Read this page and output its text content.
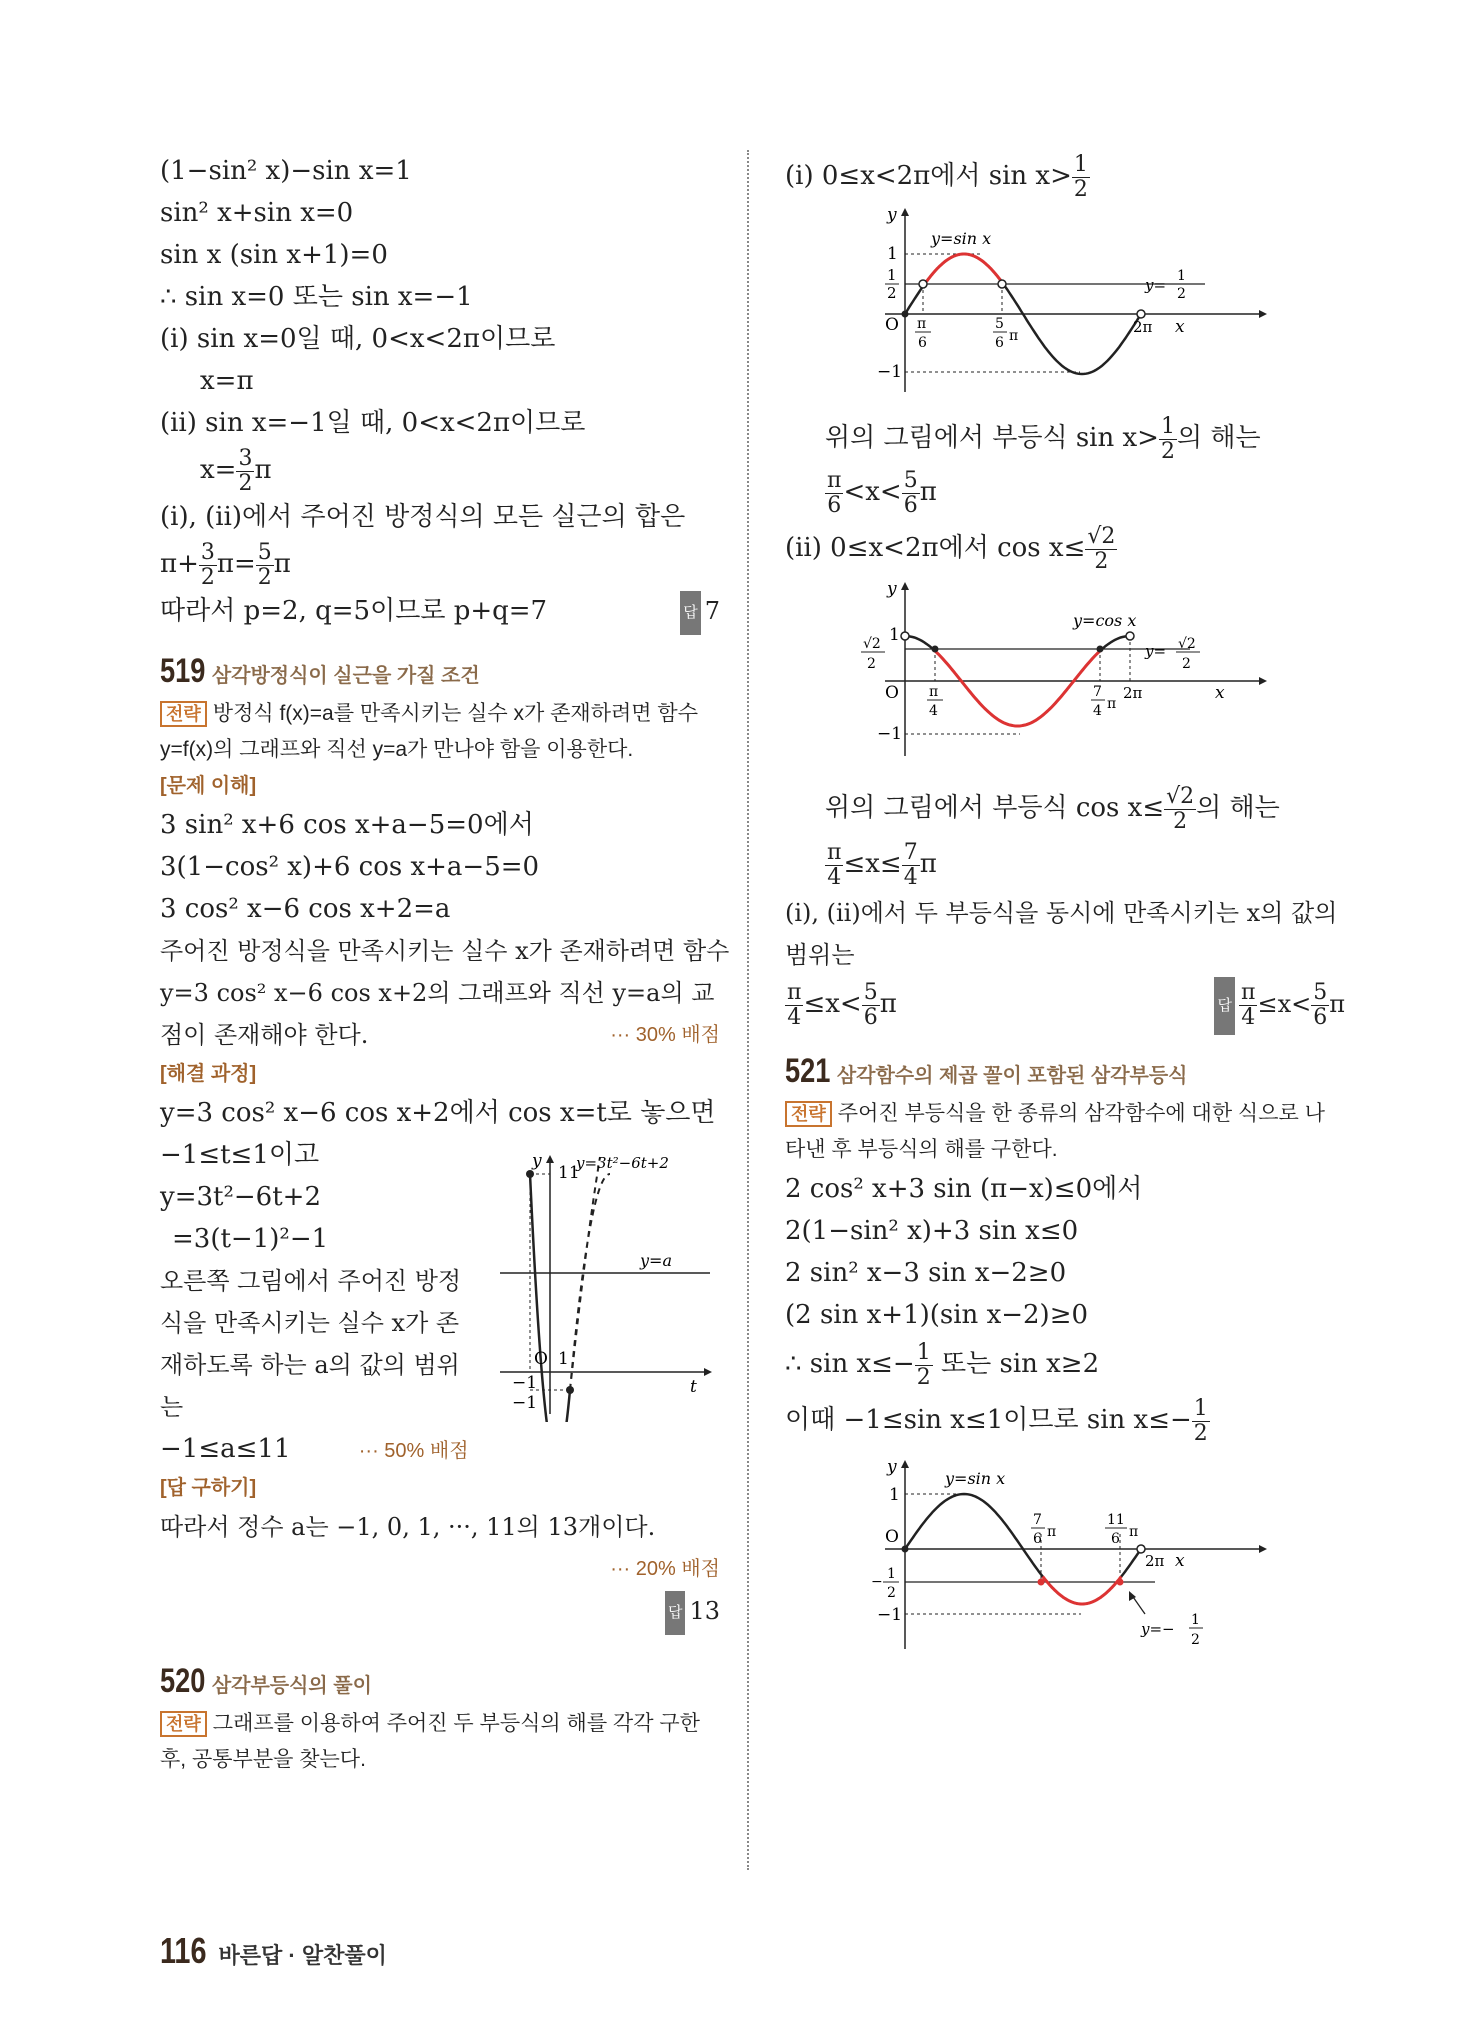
(1−sin² x)−sin x=1
sin² x+sin x=0
sin x (sin x+1)=0
∴ sin x=0 또는 sin x=−1
(ⅰ) sin x=0일 때, 0<x<2π이므로
x=π
(ⅱ) sin x=−1일 때, 0<x<2π이므로
$x= \frac{3}{2}$ π
(ⅰ), (ⅱ)에서 주어진 방정식의 모든 실근의 합은
$\pi+ \frac{3}{2} \pi= \frac{5}{2}$ π
따라서 p=2, q=5이므로 p+q=7	답 7
519 삼각방정식이 실근을 가질 조건
전략 방정식 f(x)=a를 만족시키는 실수 x가 존재하려면 함수 y=f(x)의 그래프와 직선 y=a가 만나야 함을 이용한다.
[문제 이해]
3 sin² x+6 cos x+a−5=0에서
3(1−cos² x)+6 cos x+a−5=0
3 cos² x−6 cos x+2=a
주어진 방정식을 만족시키는 실수 x가 존재하려면 함수
y=3 cos² x−6 cos x+2의 그래프와 직선 y=a의 교
점이 존재해야 한다.	··· 30% 배점
[해결 과정]
y=3 cos² x−6 cos x+2에서 cos x=t로 놓으면
−1≤t≤1이고
y=3t²−6t+2
=3(t−1)²−1
오른쪽 그림에서 주어진 방정
식을 만족시키는 실수 x가 존
재하도록 하는 a의 값의 범위
는
−1≤a≤11	··· 50% 배점
y
11
y=3t²−6t+2
y=a
O 1
−1
−1
t
[답 구하기]
따라서 정수 a는 −1, 0, 1, ···, 11의 13개이다.
··· 20% 배점
답 13
520 삼각부등식의 풀이
전략 그래프를 이용하여 주어진 두 부등식의 해를 각각 구한 후, 공통부분을 찾는다.
(ⅰ) 0≤x<2π에서 $\sin x> \frac{1}{2}$
y
y=sin x
1
1
2
O π
6
5
6 π	2π x
−1
y= 1
2
위의 그림에서 부등식 $\sin x> \frac{1}{2}$ 의 해는
$\frac{\pi}{6} <x< \frac{5}{6}$ π
(ⅱ) 0≤x<2π에서 $\cos x\le \frac{√2}{2}$
y
y=cos x
1
√2
2
O π
4
7
4 π
2π	x
−1
y= √2
2
위의 그림에서 부등식 $\cos x\le \frac{√2}{2}$ 의 해는
$\frac{\pi}{4} \le x\le \frac{7}{4}$ π
(ⅰ), (ⅱ)에서 두 부등식을 동시에 만족시키는 x의 값의
범위는
$\frac{\pi}{4} \le x< \frac{5}{6}$ π	답 $\frac{\pi}{4} \le x< \frac{5}{6}$ π
521 삼각함수의 제곱 꼴이 포함된 삼각부등식
전략 주어진 부등식을 한 종류의 삼각함수에 대한 식으로 나타낸 후 부등식의 해를 구한다.
2 cos² x+3 sin (π−x)≤0에서
2(1−sin² x)+3 sin x≤0
2 sin² x−3 sin x−2≥0
(2 sin x+1)(sin x−2)≥0
∴ $\sin x\le- \frac{1}{2}$ 또는 sin x≥2
이때 −1≤sin x≤1이므로 $\sin x\le- \frac{1}{2}$
y
y=sin x
1
O
7
6 π
11
6 π
2π x
− 1
2
−1
y=− 1
2
116 바른답 · 알찬풀이
